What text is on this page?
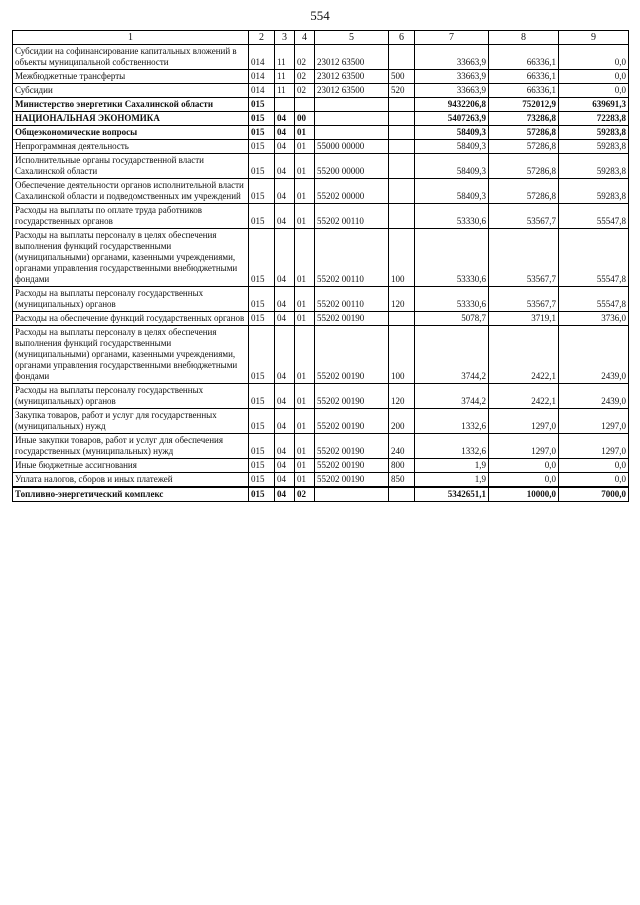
554
1	2	3	4	5	6	7	8	9
Субсидии на софинансирование капитальных вложений в объекты муниципальной собственности	014	11	02	23012 63500		33663,9	66336,1	0,0
Межбюджетные трансферты	014	11	02	23012 63500	500	33663,9	66336,1	0,0
Субсидии	014	11	02	23012 63500	520	33663,9	66336,1	0,0
Министерство энергетики Сахалинской области	015					9432206,8	752012,9	639691,3
НАЦИОНАЛЬНАЯ ЭКОНОМИКА	015	04	00			5407263,9	73286,8	72283,8
Общеэкономические вопросы	015	04	01			58409,3	57286,8	59283,8
Непрограммная деятельность	015	04	01	55000 00000		58409,3	57286,8	59283,8
Исполнительные органы государственной власти Сахалинской области	015	04	01	55200 00000		58409,3	57286,8	59283,8
Обеспечение деятельности органов исполнительной власти Сахалинской области и подведомственных им учреждений	015	04	01	55202 00000		58409,3	57286,8	59283,8
Расходы на выплаты по оплате труда работников государственных органов	015	04	01	55202 00110		53330,6	53567,7	55547,8
Расходы на выплаты персоналу в целях обеспечения выполнения функций государственными (муниципальными) органами, казенными учреждениями, органами управления государственными внебюджетными фондами	015	04	01	55202 00110	100	53330,6	53567,7	55547,8
Расходы на выплаты персоналу государственных (муниципальных) органов	015	04	01	55202 00110	120	53330,6	53567,7	55547,8
Расходы на обеспечение функций государственных органов	015	04	01	55202 00190		5078,7	3719,1	3736,0
Расходы на выплаты персоналу в целях обеспечения выполнения функций государственными (муниципальными) органами, казенными учреждениями, органами управления государственными внебюджетными фондами	015	04	01	55202 00190	100	3744,2	2422,1	2439,0
Расходы на выплаты персоналу государственных (муниципальных) органов	015	04	01	55202 00190	120	3744,2	2422,1	2439,0
Закупка товаров, работ и услуг для государственных (муниципальных) нужд	015	04	01	55202 00190	200	1332,6	1297,0	1297,0
Иные закупки товаров, работ и услуг для обеспечения государственных (муниципальных) нужд	015	04	01	55202 00190	240	1332,6	1297,0	1297,0
Иные бюджетные ассигнования	015	04	01	55202 00190	800	1,9	0,0	0,0
Уплата налогов, сборов и иных платежей	015	04	01	55202 00190	850	1,9	0,0	0,0
Топливно-энергетический комплекс	015	04	02			5342651,1	10000,0	7000,0
